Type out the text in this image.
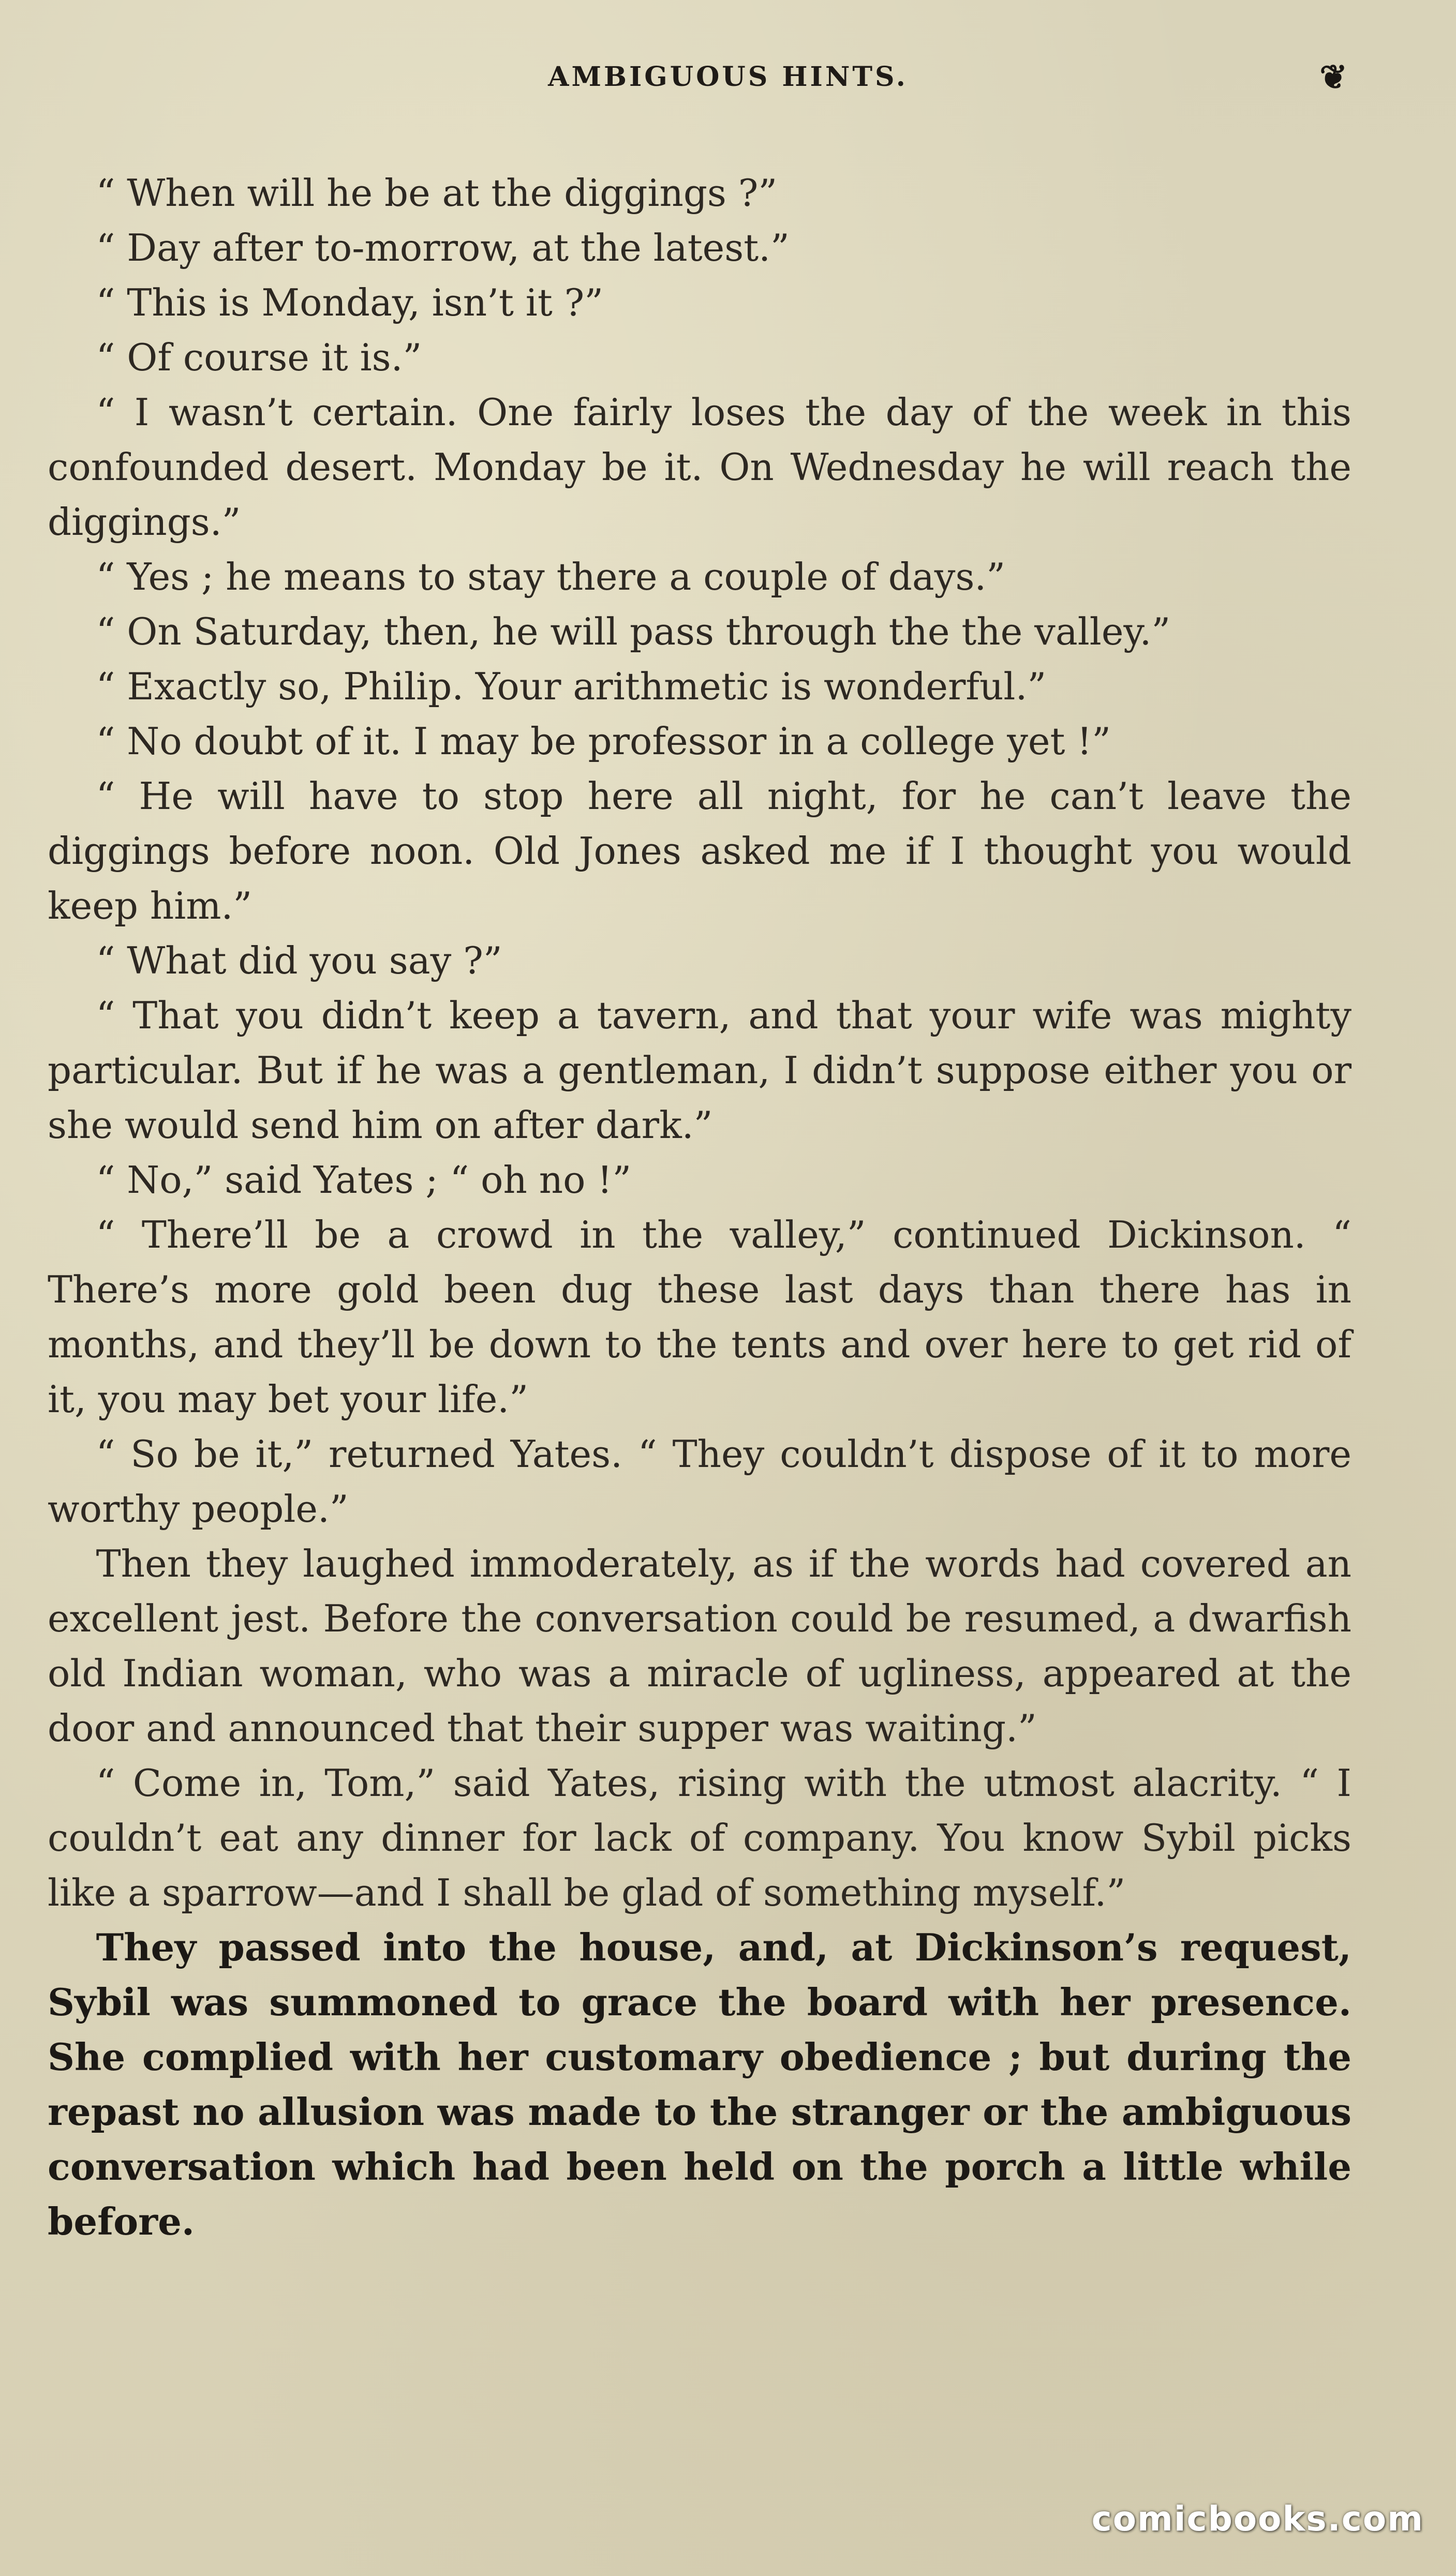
AMBIGUOUS HINTS.	❦

“ When will he be at the diggings ?”

“ Day after to-morrow, at the latest.”

“ This is Monday, isn’t it ?”

“ Of course it is.”

“ I wasn’t certain. One fairly loses the day of the week in this confounded desert. Monday be it. On Wednesday he will reach the diggings.”

“ Yes ; he means to stay there a couple of days.”

“ On Saturday, then, he will pass through the the valley.”

“ Exactly so, Philip. Your arithmetic is wonderful.”

“ No doubt of it. I may be professor in a college yet !”

“ He will have to stop here all night, for he can’t leave the diggings before noon. Old Jones asked me if I thought you would keep him.”

“ What did you say ?”

“ That you didn’t keep a tavern, and that your wife was mighty particular. But if he was a gentleman, I didn’t suppose either you or she would send him on after dark.”

“ No,” said Yates ; “ oh no !”

“ There’ll be a crowd in the valley,” continued Dickinson. “ There’s more gold been dug these last days than there has in months, and they’ll be down to the tents and over here to get rid of it, you may bet your life.”

“ So be it,” returned Yates. “ They couldn’t dispose of it to more worthy people.”

Then they laughed immoderately, as if the words had covered an excellent jest. Before the conversation could be resumed, a dwarfish old Indian woman, who was a miracle of ugliness, appeared at the door and announced that their supper was waiting.”

“ Come in, Tom,” said Yates, rising with the utmost alacrity. “ I couldn’t eat any dinner for lack of company. You know Sybil picks like a sparrow—and I shall be glad of something myself.”

They passed into the house, and, at Dickinson’s request, Sybil was summoned to grace the board with her presence. She complied with her customary obedience ; but during the repast no allusion was made to the stranger or the ambiguous conversation which had been held on the porch a little while before.

comicbooks.com
